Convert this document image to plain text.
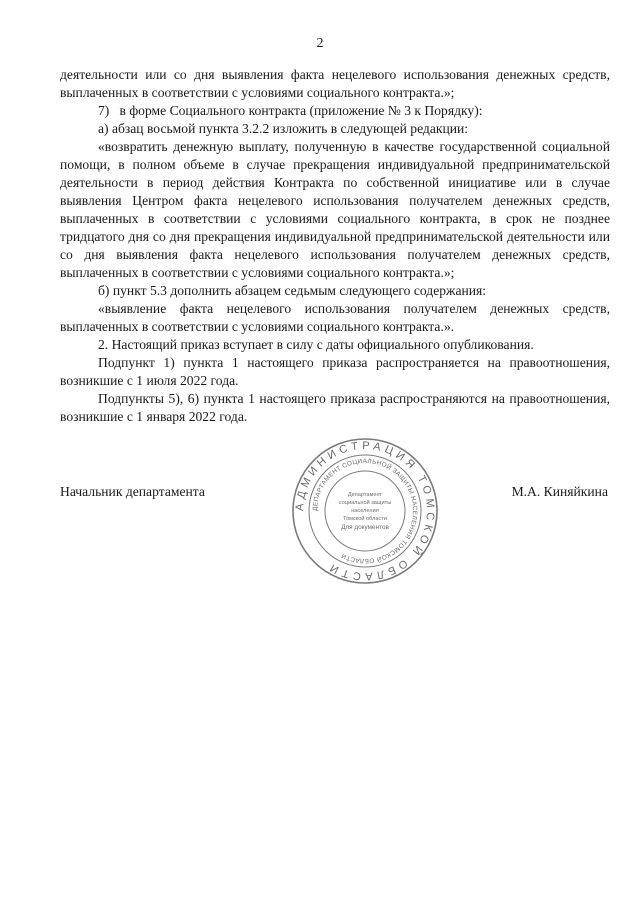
2

деятельности или со дня выявления факта нецелевого использования денежных средств, выплаченных в соответствии с условиями социального контракта.»;

7)   в форме Социального контракта (приложение № 3 к Порядку):

а) абзац восьмой пункта 3.2.2 изложить в следующей редакции:

«возвратить денежную выплату, полученную в качестве государственной социальной помощи, в полном объеме в случае прекращения индивидуальной предпринимательской деятельности в период действия Контракта по собственной инициативе или в случае выявления Центром факта нецелевого использования получателем денежных средств, выплаченных в соответствии с условиями социального контракта, в срок не позднее тридцатого дня со дня прекращения индивидуальной предпринимательской деятельности или со дня выявления факта нецелевого использования получателем денежных средств, выплаченных в соответствии с условиями социального контракта.»;

б) пункт 5.3 дополнить абзацем седьмым следующего содержания:

«выявление факта нецелевого использования получателем денежных средств, выплаченных в соответствии с условиями социального контракта.».

2. Настоящий приказ вступает в силу с даты официального опубликования.

Подпункт 1) пункта 1 настоящего приказа распространяется на правоотношения, возникшие с 1 июля 2022 года.

Подпункты 5), 6) пункта 1 настоящего приказа распространяются на правоотношения, возникшие с 1 января 2022 года.

АДМИНИСТРАЦИЯ ТОМСКОЙ ОБЛАСТИ
ДЕПАРТАМЕНТ СОЦИАЛЬНОЙ ЗАЩИТЫ НАСЕЛЕНИЯ ТОМСКОЙ ОБЛАСТИ
Департамент
социальной защиты
населения
Томской области
Для документов
Начальник департамента	М.А. Киняйкина
